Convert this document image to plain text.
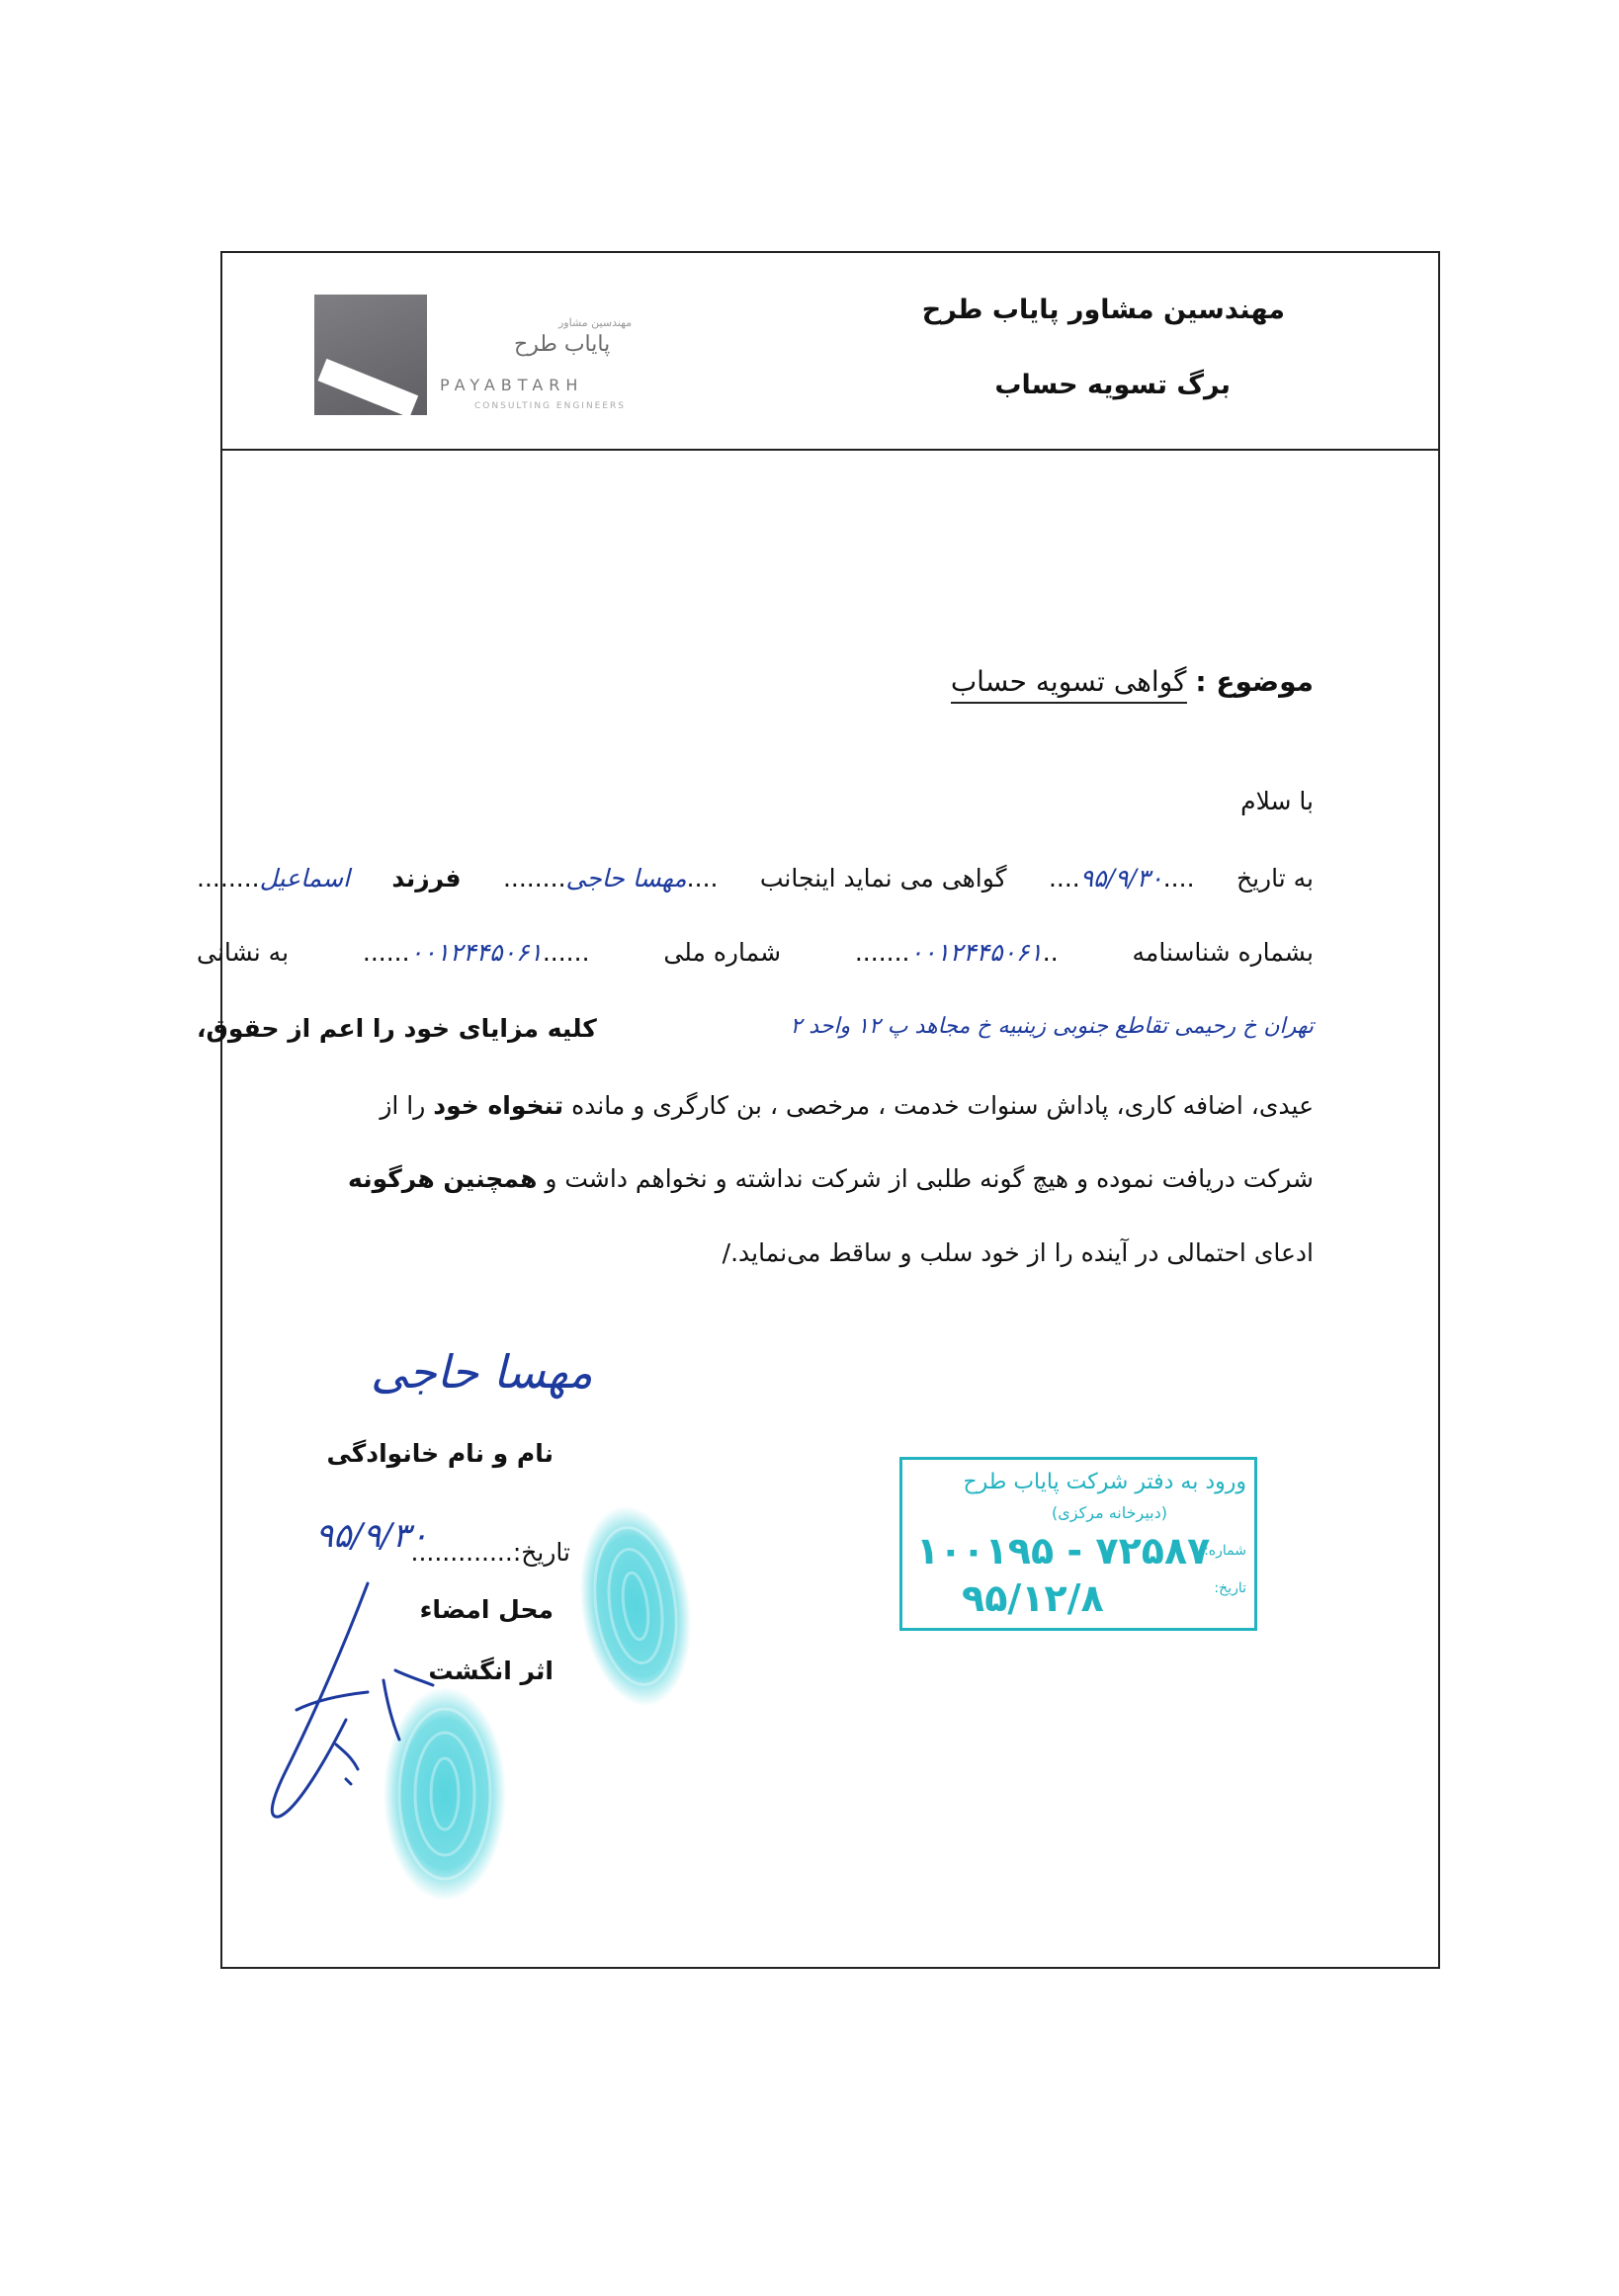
مهندسین مشاور
پایاب طرح
PAYABTARH
CONSULTING ENGINEERS
مهندسین مشاور پایاب طرح
برگ تسویه حساب
موضوع : گواهی تسویه حساب
با سلام
به تاریخ
....۹۵/۹/۳۰....
گواهی می نماید اینجانب
....مهسا حاجی........
فرزند
اسماعیل........
بشماره شناسنامه
..۰۰۱۲۴۴۵۰۶۱.......
شماره ملی
......۰۰۱۲۴۴۵۰۶۱......
به نشانی
تهران خ رحیمی تقاطع جنوبی زینبیه خ مجاهد پ ۱۲ واحد ۲
کلیه مزایای خود را اعم از حقوق،
عیدی، اضافه کاری، پاداش سنوات خدمت ، مرخصی ، بن کارگری و مانده تنخواه خود را از
شرکت دریافت نموده و هیچ گونه طلبی از شرکت نداشته و نخواهم داشت و همچنین هرگونه
ادعای احتمالی در آینده را از خود سلب و ساقط می‌نماید./
مهسا حاجی
نام و نام خانوادگی
۹۵/۹/۳۰	تاریخ:.............
محل امضاء
اثر انگشت
ورود به دفتر شرکت پایاب طرح
(دبیرخانه مرکزی)
شماره:
تاریخ:
۱۰۰۱۹۵ - ۷۲۵۸۷
۹۵/۱۲/۸
